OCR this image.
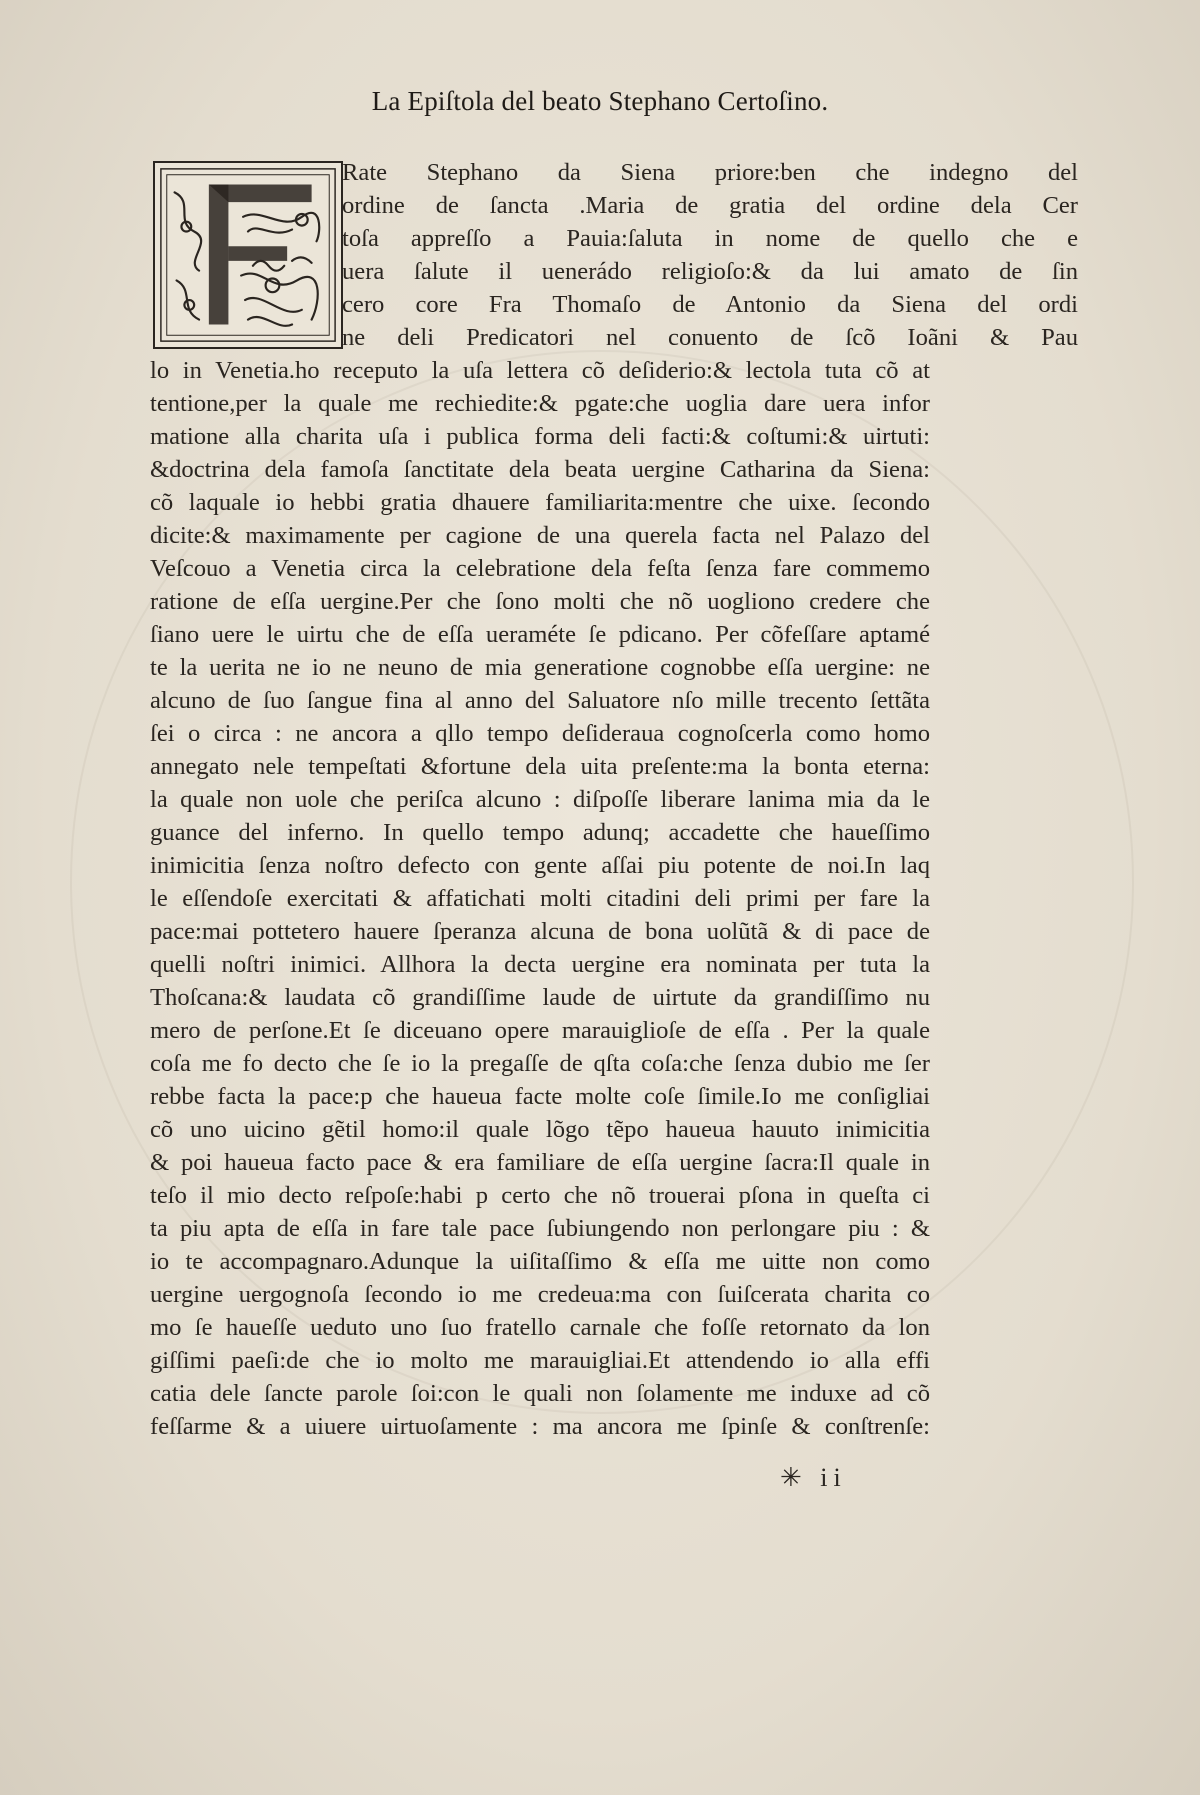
La Epiſtola del beato Stephano Certoſino.
Rate Stephano da Siena priore:ben che indegno del
ordine de ſancta .Maria de gratia del ordine dela Cer
toſa appreſſo a Pauia:ſaluta in nome de quello che e
uera ſalute il uenerádo religioſo:& da lui amato de ſin
cero core Fra Thomaſo de Antonio da Siena del ordi
ne deli Predicatori nel conuento de ſcõ Ioãni & Pau
lo in Venetia.ho receputo la uſa lettera cõ deſiderio:& lectola tuta cõ at
tentione,per la quale me rechiedite:& pgate:che uoglia dare uera infor
matione alla charita uſa i publica forma deli facti:& coſtumi:& uirtuti:
&doctrina dela famoſa ſanctitate dela beata uergine Catharina da Siena:
cõ laquale io hebbi gratia dhauere familiarita:mentre che uixe. ſecondo
dicite:& maximamente per cagione de una querela facta nel Palazo del
Veſcouo a Venetia circa la celebratione dela feſta ſenza fare commemo
ratione de eſſa uergine.Per che ſono molti che nõ uogliono credere che
ſiano uere le uirtu che de eſſa ueraméte ſe pdicano. Per cõfeſſare aptamé
te la uerita ne io ne neuno de mia generatione cognobbe eſſa uergine: ne
alcuno de ſuo ſangue fina al anno del Saluatore nſo mille trecento ſettãta
ſei o circa : ne ancora a qllo tempo deſideraua cognoſcerla como homo
annegato nele tempeſtati &fortune dela uita preſente:ma la bonta eterna:
la quale non uole che periſca alcuno : diſpoſſe liberare lanima mia da le
guance del inferno. In quello tempo adunq; accadette che haueſſimo
inimicitia ſenza noſtro defecto con gente aſſai piu potente de noi.In laq
le eſſendoſe exercitati & affatichati molti citadini deli primi per fare la
pace:mai pottetero hauere ſperanza alcuna de bona uolũtã & di pace de
quelli noſtri inimici. Allhora la decta uergine era nominata per tuta la
Thoſcana:& laudata cõ grandiſſime laude de uirtute da grandiſſimo nu
mero de perſone.Et ſe diceuano opere marauiglioſe de eſſa . Per la quale
coſa me fo decto che ſe io la pregaſſe de qſta coſa:che ſenza dubio me ſer
rebbe facta la pace:p che haueua facte molte coſe ſimile.Io me conſigliai
cõ uno uicino gẽtil homo:il quale lõgo tẽpo haueua hauuto inimicitia
& poi haueua facto pace & era familiare de eſſa uergine ſacra:Il quale in
teſo il mio decto reſpoſe:habi p certo che nõ trouerai pſona in queſta ci
ta piu apta de eſſa in fare tale pace ſubiungendo non perlongare piu : &
io te accompagnaro.Adunque la uiſitaſſimo & eſſa me uitte non como
uergine uergognoſa ſecondo io me credeua:ma con ſuiſcerata charita co
mo ſe haueſſe ueduto uno ſuo fratello carnale che foſſe retornato da lon
giſſimi paeſi:de che io molto me marauigliai.Et attendendo io alla effi
catia dele ſancte parole ſoi:con le quali non ſolamente me induxe ad cõ
feſſarme & a uiuere uirtuoſamente : ma ancora me ſpinſe & conſtrenſe:
✳ ii
